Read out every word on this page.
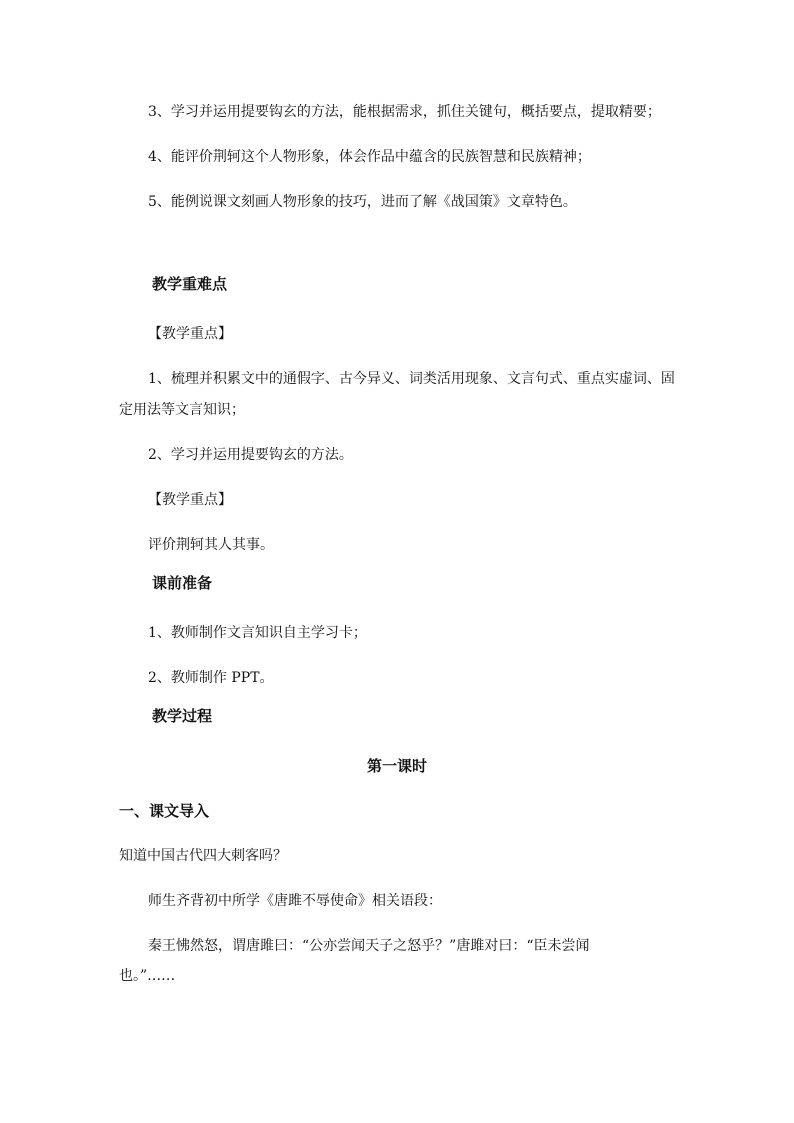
3、学习并运用提要钩玄的方法，能根据需求，抓住关键句，概括要点，提取精要；
4、能评价荆轲这个人物形象，体会作品中蕴含的民族智慧和民族精神；
5、能例说课文刻画人物形象的技巧，进而了解《战国策》文章特色。
教学重难点
【教学重点】
1、梳理并积累文中的通假字、古今异义、词类活用现象、文言句式、重点实虚词、固
定用法等文言知识；
2、学习并运用提要钩玄的方法。
【教学重点】
评价荆轲其人其事。
课前准备
1、教师制作文言知识自主学习卡；
2、教师制作 PPT。
教学过程
第一课时
一、课文导入
知道中国古代四大刺客吗？
师生齐背初中所学《唐雎不辱使命》相关语段：
秦王怫然怒，谓唐雎曰：“公亦尝闻天子之怒乎？”唐雎对曰：“臣未尝闻
也。”……
